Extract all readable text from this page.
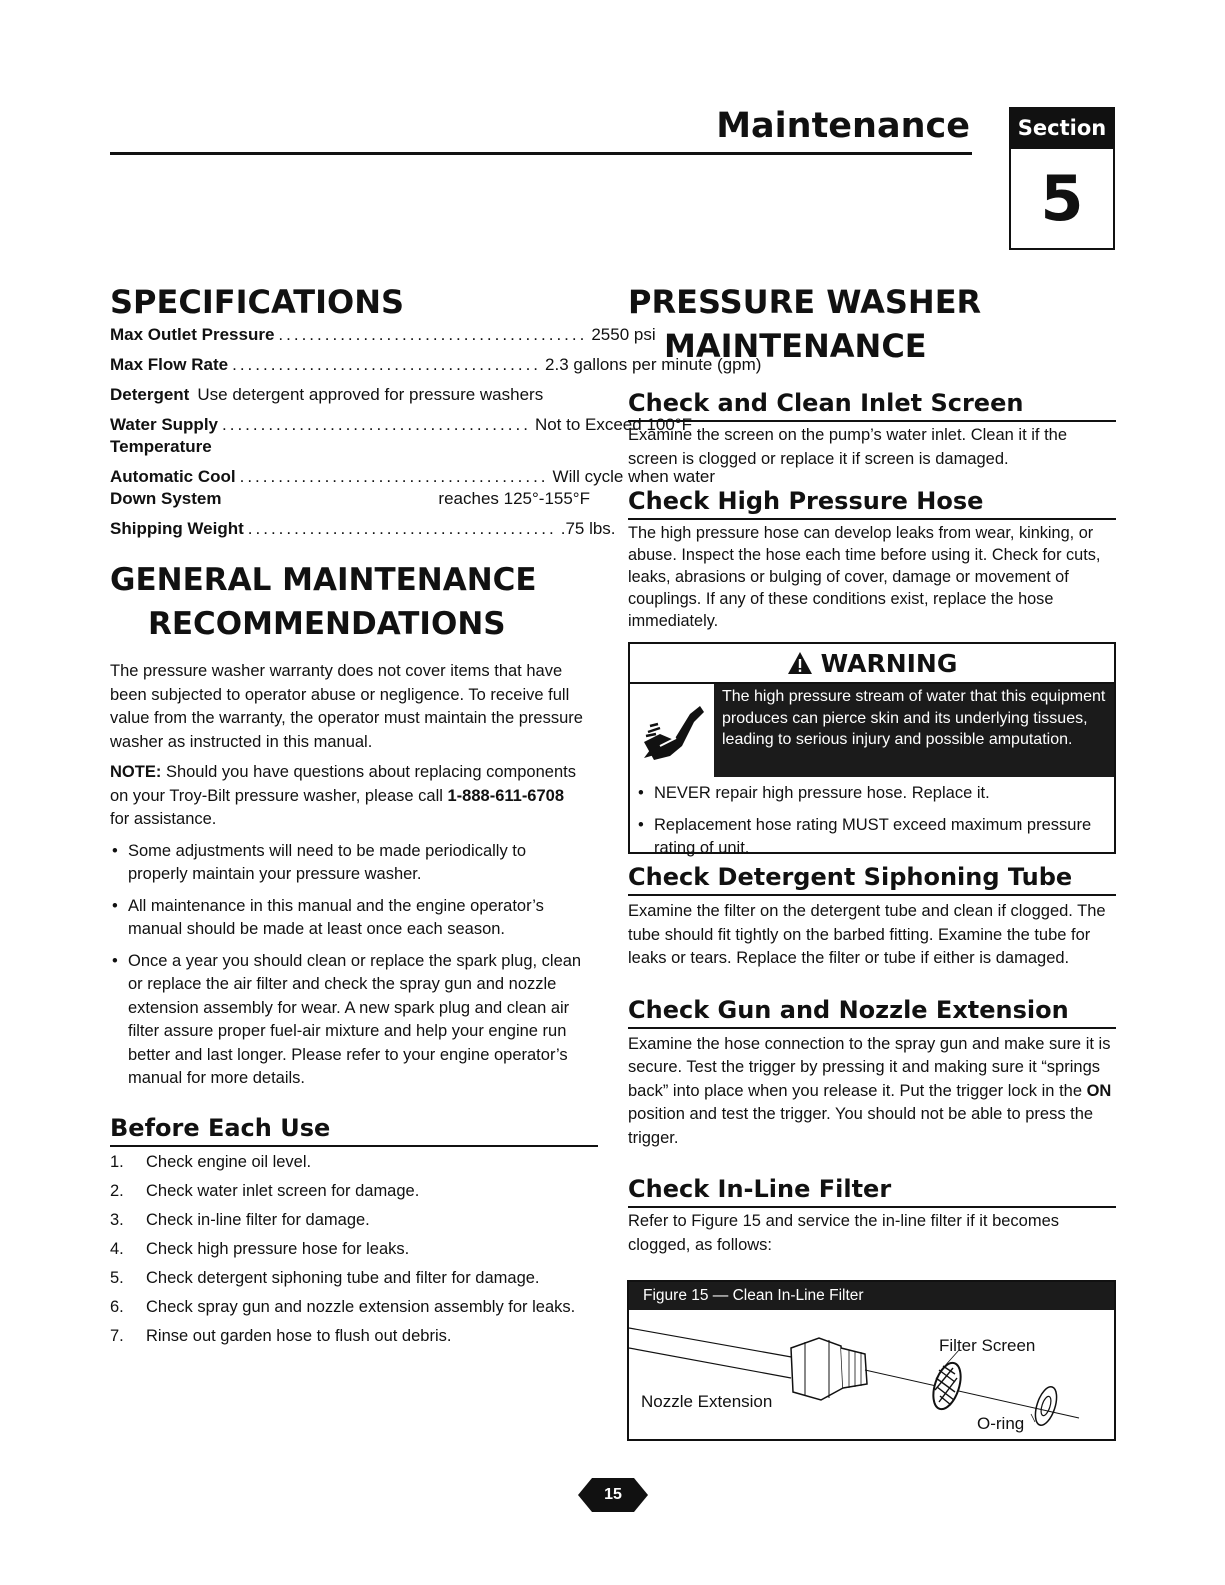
Maintenance	Section
5
SPECIFICATIONS
Max Outlet Pressure ........................................ 2550 psi
Max Flow Rate ........................................ 2.3 gallons per minute (gpm)
Detergent Use detergent approved for pressure washers
Water Supply ........................................ Not to Exceed 100°F
Temperature
Automatic Cool ........................................ Will cycle when water
Down System	reaches 125°-155°F
Shipping Weight ........................................ .75 lbs.
GENERAL MAINTENANCE
RECOMMENDATIONS

The pressure washer warranty does not cover items that have been subjected to operator abuse or negligence. To receive full value from the warranty, the operator must maintain the pressure washer as instructed in this manual.

NOTE: Should you have questions about replacing components on your Troy-Bilt pressure washer, please call 1-888-611-6708 for assistance.

• Some adjustments will need to be made periodically to properly maintain your pressure washer.
• All maintenance in this manual and the engine operator’s manual should be made at least once each season.
• Once a year you should clean or replace the spark plug, clean or replace the air filter and check the spray gun and nozzle extension assembly for wear. A new spark plug and clean air filter assure proper fuel-air mixture and help your engine run better and last longer. Please refer to your engine operator’s manual for more details.
Before Each Use
1.	Check engine oil level.
2.	Check water inlet screen for damage.
3.	Check in-line filter for damage.
4.	Check high pressure hose for leaks.
5.	Check detergent siphoning tube and filter for damage.
6.	Check spray gun and nozzle extension assembly for leaks.
7.	Rinse out garden hose to flush out debris.
PRESSURE WASHER
MAINTENANCE
Check and Clean Inlet Screen

Examine the screen on the pump’s water inlet. Clean it if the screen is clogged or replace it if screen is damaged.

Check High Pressure Hose

The high pressure hose can develop leaks from wear, kinking, or abuse. Inspect the hose each time before using it. Check for cuts, leaks, abrasions or bulging of cover, damage or movement of couplings. If any of these conditions exist, replace the hose immediately.

WARNING
The high pressure stream of water that this equipment produces can pierce skin and its underlying tissues, leading to serious injury and possible amputation.
• NEVER repair high pressure hose. Replace it.
• Replacement hose rating MUST exceed maximum pressure rating of unit.
Check Detergent Siphoning Tube

Examine the filter on the detergent tube and clean if clogged. The tube should fit tightly on the barbed fitting. Examine the tube for leaks or tears. Replace the filter or tube if either is damaged.

Check Gun and Nozzle Extension

Examine the hose connection to the spray gun and make sure it is secure. Test the trigger by pressing it and making sure it “springs back” into place when you release it. Put the trigger lock in the ON position and test the trigger. You should not be able to press the trigger.

Check In-Line Filter

Refer to Figure 15 and service the in-line filter if it becomes clogged, as follows:

Figure 15 — Clean In-Line Filter
Filter Screen
Nozzle Extension
O-ring
15
